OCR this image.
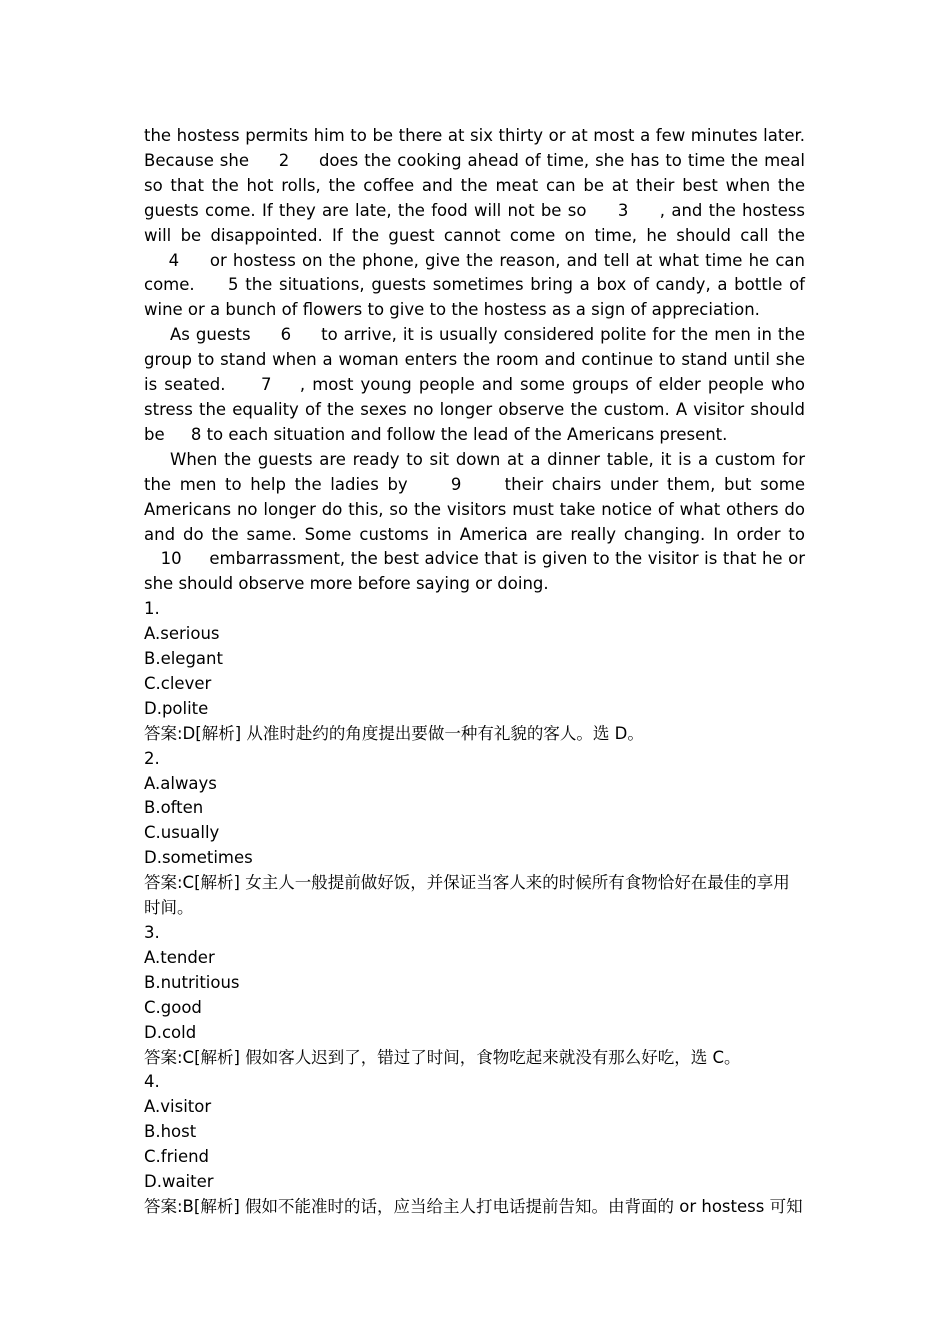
the hostess permits him to be there at six thirty or at most a few minutes later. Because she     2     does the cooking ahead of time, she has to time the meal so that the hot rolls, the coffee and the meat can be at their best when the guests come. If they are late, the food will not be so     3     , and the hostess will be disappointed. If the guest cannot come on time, he should call the     4     or hostess on the phone, give the reason, and tell at what time he can come.     5 the situations, guests sometimes bring a box of candy, a bottle of wine or a bunch of flowers to give to the hostess as a sign of appreciation.

As guests     6     to arrive, it is usually considered polite for the men in the group to stand when a woman enters the room and continue to stand until she is seated.     7    , most young people and some groups of elder people who stress the equality of the sexes no longer observe the custom. A visitor should be     8 to each situation and follow the lead of the Americans present.

When the guests are ready to sit down at a dinner table, it is a custom for the men to help the ladies by     9     their chairs under them, but some Americans no longer do this, so the visitors must take notice of what others do and do the same. Some customs in America are really changing. In order to    10     embarrassment, the best advice that is given to the visitor is that he or she should observe more before saying or doing.

1.
A.serious
B.elegant
C.clever
D.polite
答案:D[解析] 从准时赴约的角度提出要做一种有礼貌的客人。选 D。
2.
A.always
B.often
C.usually
D.sometimes
答案:C[解析] 女主人一般提前做好饭，并保证当客人来的时候所有食物恰好在最佳的享用
时间。
3.
A.tender
B.nutritious
C.good
D.cold
答案:C[解析] 假如客人迟到了，错过了时间，食物吃起来就没有那么好吃，选 C。
4.
A.visitor
B.host
C.friend
D.waiter
答案:B[解析] 假如不能准时的话，应当给主人打电话提前告知。由背面的 or hostess 可知
